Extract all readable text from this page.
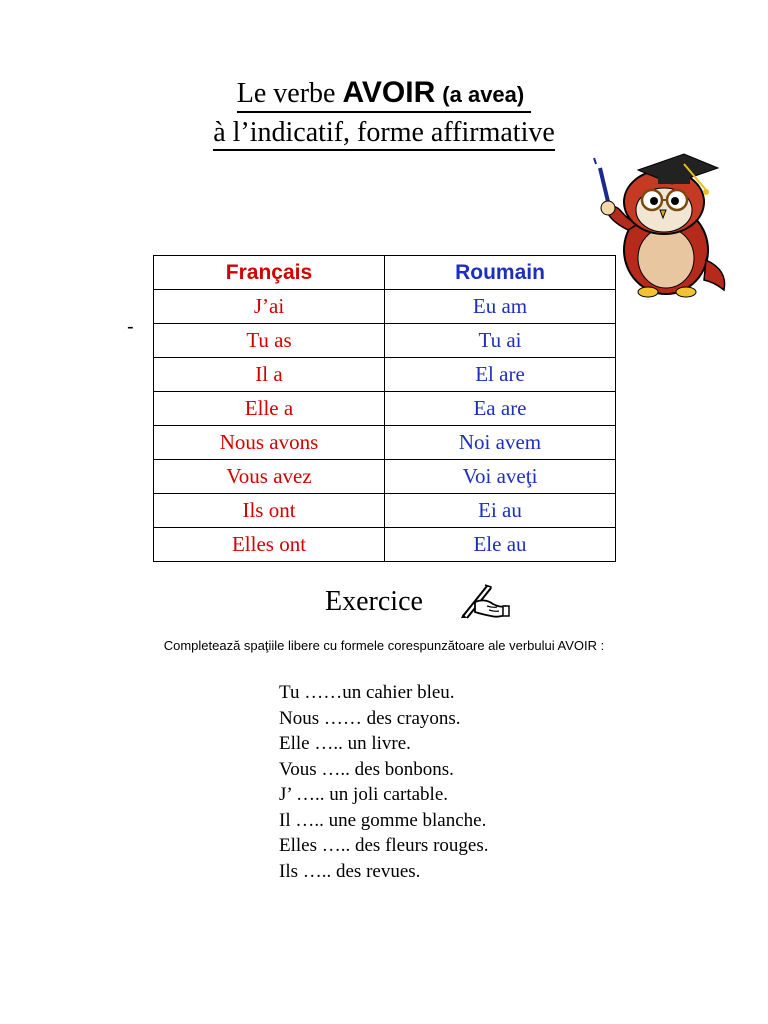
Le verbe AVOIR (a avea)
à l’indicatif, forme affirmative
-
Français	Roumain
J’ai	Eu am
Tu as	Tu ai
Il a	El are
Elle a	Ea are
Nous avons	Noi avem
Vous avez	Voi aveţi
Ils ont	Ei au
Elles ont	Ele au
Exercice
Completează spaţiile libere cu formele corespunzătoare ale verbului AVOIR :
Tu ……un cahier bleu.
Nous …… des crayons.
Elle ….. un livre.
Vous ….. des bonbons.
J’ ….. un joli cartable.
Il ….. une gomme blanche.
Elles ….. des fleurs rouges.
Ils ….. des revues.
